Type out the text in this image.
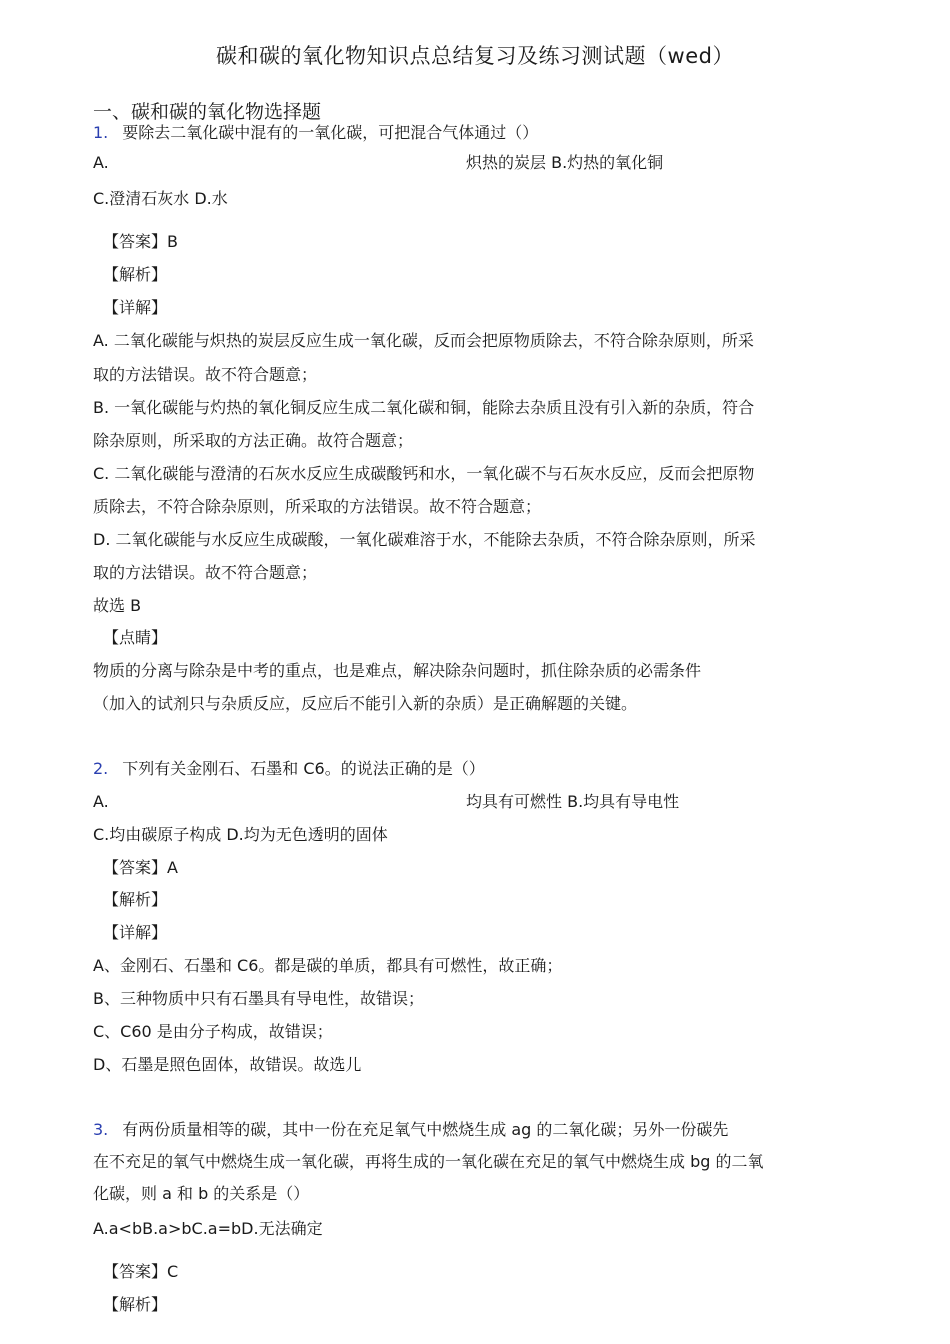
碳和碳的氧化物知识点总结复习及练习测试题（wed）
一、碳和碳的氧化物选择题
1. 要除去二氧化碳中混有的一氧化碳，可把混合气体通过（）
A.	炽热的炭层 B.灼热的氧化铜
C.澄清石灰水 D.水
【答案】B
【解析】
【详解】
A. 二氧化碳能与炽热的炭层反应生成一氧化碳，反而会把原物质除去，不符合除杂原则，所采
取的方法错误。故不符合题意；
B. 一氧化碳能与灼热的氧化铜反应生成二氧化碳和铜，能除去杂质且没有引入新的杂质，符合
除杂原则，所采取的方法正确。故符合题意；
C. 二氧化碳能与澄清的石灰水反应生成碳酸钙和水，一氧化碳不与石灰水反应，反而会把原物
质除去，不符合除杂原则，所采取的方法错误。故不符合题意；
D. 二氧化碳能与水反应生成碳酸，一氧化碳难溶于水，不能除去杂质，不符合除杂原则，所采
取的方法错误。故不符合题意；
故选 B
【点睛】
物质的分离与除杂是中考的重点，也是难点，解决除杂问题时，抓住除杂质的必需条件
（加入的试剂只与杂质反应，反应后不能引入新的杂质）是正确解题的关键。
2. 下列有关金刚石、石墨和 C6。的说法正确的是（）
A.	均具有可燃性 B.均具有导电性
C.均由碳原子构成 D.均为无色透明的固体
【答案】A
【解析】
【详解】
A、金刚石、石墨和 C6。都是碳的单质，都具有可燃性，故正确；
B、三种物质中只有石墨具有导电性，故错误；
C、C60 是由分子构成，故错误；
D、石墨是照色固体，故错误。故选儿
3. 有两份质量相等的碳，其中一份在充足氧气中燃烧生成 ag 的二氧化碳；另外一份碳先
在不充足的氧气中燃烧生成一氧化碳，再将生成的一氧化碳在充足的氧气中燃烧生成 bg 的二氧
化碳，则 a 和 b 的关系是（）
A.a<bB.a>bC.a=bD.无法确定
【答案】C
【解析】
